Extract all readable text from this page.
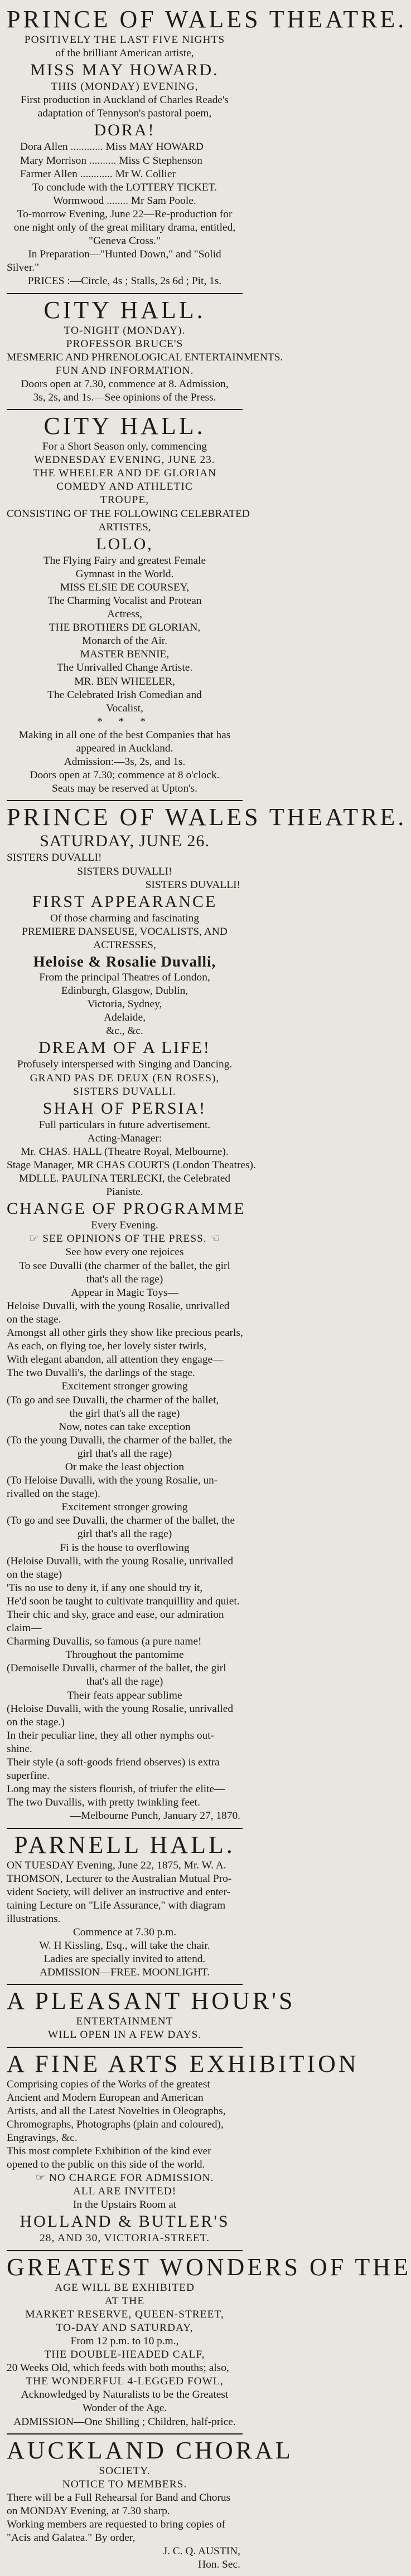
PRINCE OF WALES THEATRE.
POSITIVELY THE LAST FIVE NIGHTS
of the brilliant American artiste,
MISS MAY HOWARD.
THIS (MONDAY) EVENING,
First production in Auckland of Charles Reade's
adaptation of Tennyson's pastoral poem,
DORA!
Dora Allen ............ Miss MAY HOWARD
Mary Morrison .......... Miss C Stephenson
Farmer Allen ............ Mr W. Collier
To conclude with the LOTTERY TICKET.
Wormwood ........ Mr Sam Poole.
To-morrow Evening, June 22—Re-production for
one night only of the great military drama, entitled,
"Geneva Cross."
In Preparation—"Hunted Down," and "Solid
Silver."
PRICES :—Circle, 4s ; Stalls, 2s 6d ; Pit, 1s.
CITY HALL.
TO-NIGHT (MONDAY).
PROFESSOR BRUCE'S
MESMERIC AND PHRENOLOGICAL ENTERTAINMENTS.
FUN AND INFORMATION.
Doors open at 7.30, commence at 8. Admission,
3s, 2s, and 1s.—See opinions of the Press.
CITY HALL.
For a Short Season only, commencing
WEDNESDAY EVENING, JUNE 23.
THE WHEELER AND DE GLORIAN
COMEDY AND ATHLETIC
TROUPE,
CONSISTING OF THE FOLLOWING CELEBRATED
ARTISTES,
LOLO,
The Flying Fairy and greatest Female
Gymnast in the World.
MISS ELSIE DE COURSEY,
The Charming Vocalist and Protean
Actress,
THE BROTHERS DE GLORIAN,
Monarch of the Air.
MASTER BENNIE,
The Unrivalled Change Artiste.
MR. BEN WHEELER,
The Celebrated Irish Comedian and
Vocalist,
* * *
Making in all one of the best Companies that has
appeared in Auckland.
Admission:—3s, 2s, and 1s.
Doors open at 7.30; commence at 8 o'clock.
Seats may be reserved at Upton's.
PRINCE OF WALES THEATRE.
SATURDAY, JUNE 26.
SISTERS DUVALLI!
SISTERS DUVALLI!
SISTERS DUVALLI!
FIRST APPEARANCE
Of those charming and fascinating
PREMIERE DANSEUSE, VOCALISTS, AND
ACTRESSES,
Heloise & Rosalie Duvalli,
From the principal Theatres of London,
Edinburgh, Glasgow, Dublin,
Victoria, Sydney,
Adelaide,
&c., &c.
DREAM OF A LIFE!
Profusely interspersed with Singing and Dancing.
GRAND PAS DE DEUX (EN ROSES),
SISTERS DUVALLI.
SHAH OF PERSIA!
Full particulars in future advertisement.
Acting-Manager:
Mr. CHAS. HALL (Theatre Royal, Melbourne).
Stage Manager, MR CHAS COURTS (London Theatres).
MDLLE. PAULINA TERLECKI, the Celebrated
Pianiste.
CHANGE OF PROGRAMME
Every Evening.
☞ SEE OPINIONS OF THE PRESS. ☜
See how every one rejoices
To see Duvalli (the charmer of the ballet, the girl
that's all the rage)
Appear in Magic Toys—
Heloise Duvalli, with the young Rosalie, unrivalled
on the stage.
Amongst all other girls they show like precious pearls,
As each, on flying toe, her lovely sister twirls,
With elegant abandon, all attention they engage—
The two Duvalli's, the darlings of the stage.
Excitement stronger growing
(To go and see Duvalli, the charmer of the ballet,
the girl that's all the rage)
Now, notes can take exception
(To the young Duvalli, the charmer of the ballet, the
girl that's all the rage)
Or make the least objection
(To Heloise Duvalli, with the young Rosalie, un-
rivalled on the stage).
Excitement stronger growing
(To go and see Duvalli, the charmer of the ballet, the
girl that's all the rage)
Fi is the house to overflowing
(Heloise Duvalli, with the young Rosalie, unrivalled
on the stage)
'Tis no use to deny it, if any one should try it,
He'd soon be taught to cultivate tranquillity and quiet.
Their chic and sky, grace and ease, our admiration
claim—
Charming Duvallis, so famous (a pure name!
Throughout the pantomime
(Demoiselle Duvalli, charmer of the ballet, the girl
that's all the rage)
Their feats appear sublime
(Heloise Duvalli, with the young Rosalie, unrivalled
on the stage.)
In their peculiar line, they all other nymphs out-
shine.
Their style (a soft-goods friend observes) is extra
superfine.
Long may the sisters flourish, of triufer the elite—
The two Duvallis, with pretty twinkling feet.
—Melbourne Punch, January 27, 1870.
PARNELL HALL.
ON TUESDAY Evening, June 22, 1875, Mr. W. A.
THOMSON, Lecturer to the Australian Mutual Pro-
vident Society, will deliver an instructive and enter-
taining Lecture on "Life Assurance," with diagram
illustrations.
Commence at 7.30 p.m.
W. H Kissling, Esq., will take the chair.
Ladies are specially invited to attend.
ADMISSION—FREE. MOONLIGHT.
A PLEASANT HOUR'S
ENTERTAINMENT
WILL OPEN IN A FEW DAYS.
A FINE ARTS EXHIBITION
Comprising copies of the Works of the greatest
Ancient and Modern European and American
Artists, and all the Latest Novelties in Oleographs,
Chromographs, Photographs (plain and coloured),
Engravings, &c.
This most complete Exhibition of the kind ever
opened to the public on this side of the world.
☞ NO CHARGE FOR ADMISSION.
ALL ARE INVITED!
In the Upstairs Room at
HOLLAND & BUTLER'S
28, AND 30, VICTORIA-STREET.
GREATEST WONDERS OF THE
AGE WILL BE EXHIBITED
AT THE
MARKET RESERVE, QUEEN-STREET,
TO-DAY AND SATURDAY,
From 12 p.m. to 10 p.m.,
THE DOUBLE-HEADED CALF,
20 Weeks Old, which feeds with both mouths; also,
THE WONDERFUL 4-LEGGED FOWL,
Acknowledged by Naturalists to be the Greatest
Wonder of the Age.
ADMISSION—One Shilling ; Children, half-price.
AUCKLAND CHORAL
SOCIETY.
NOTICE TO MEMBERS.
There will be a Full Rehearsal for Band and Chorus
on MONDAY Evening, at 7.30 sharp.
Working members are requested to bring copies of
"Acis and Galatea." By order,
J. C. Q. AUSTIN,
Hon. Sec.
